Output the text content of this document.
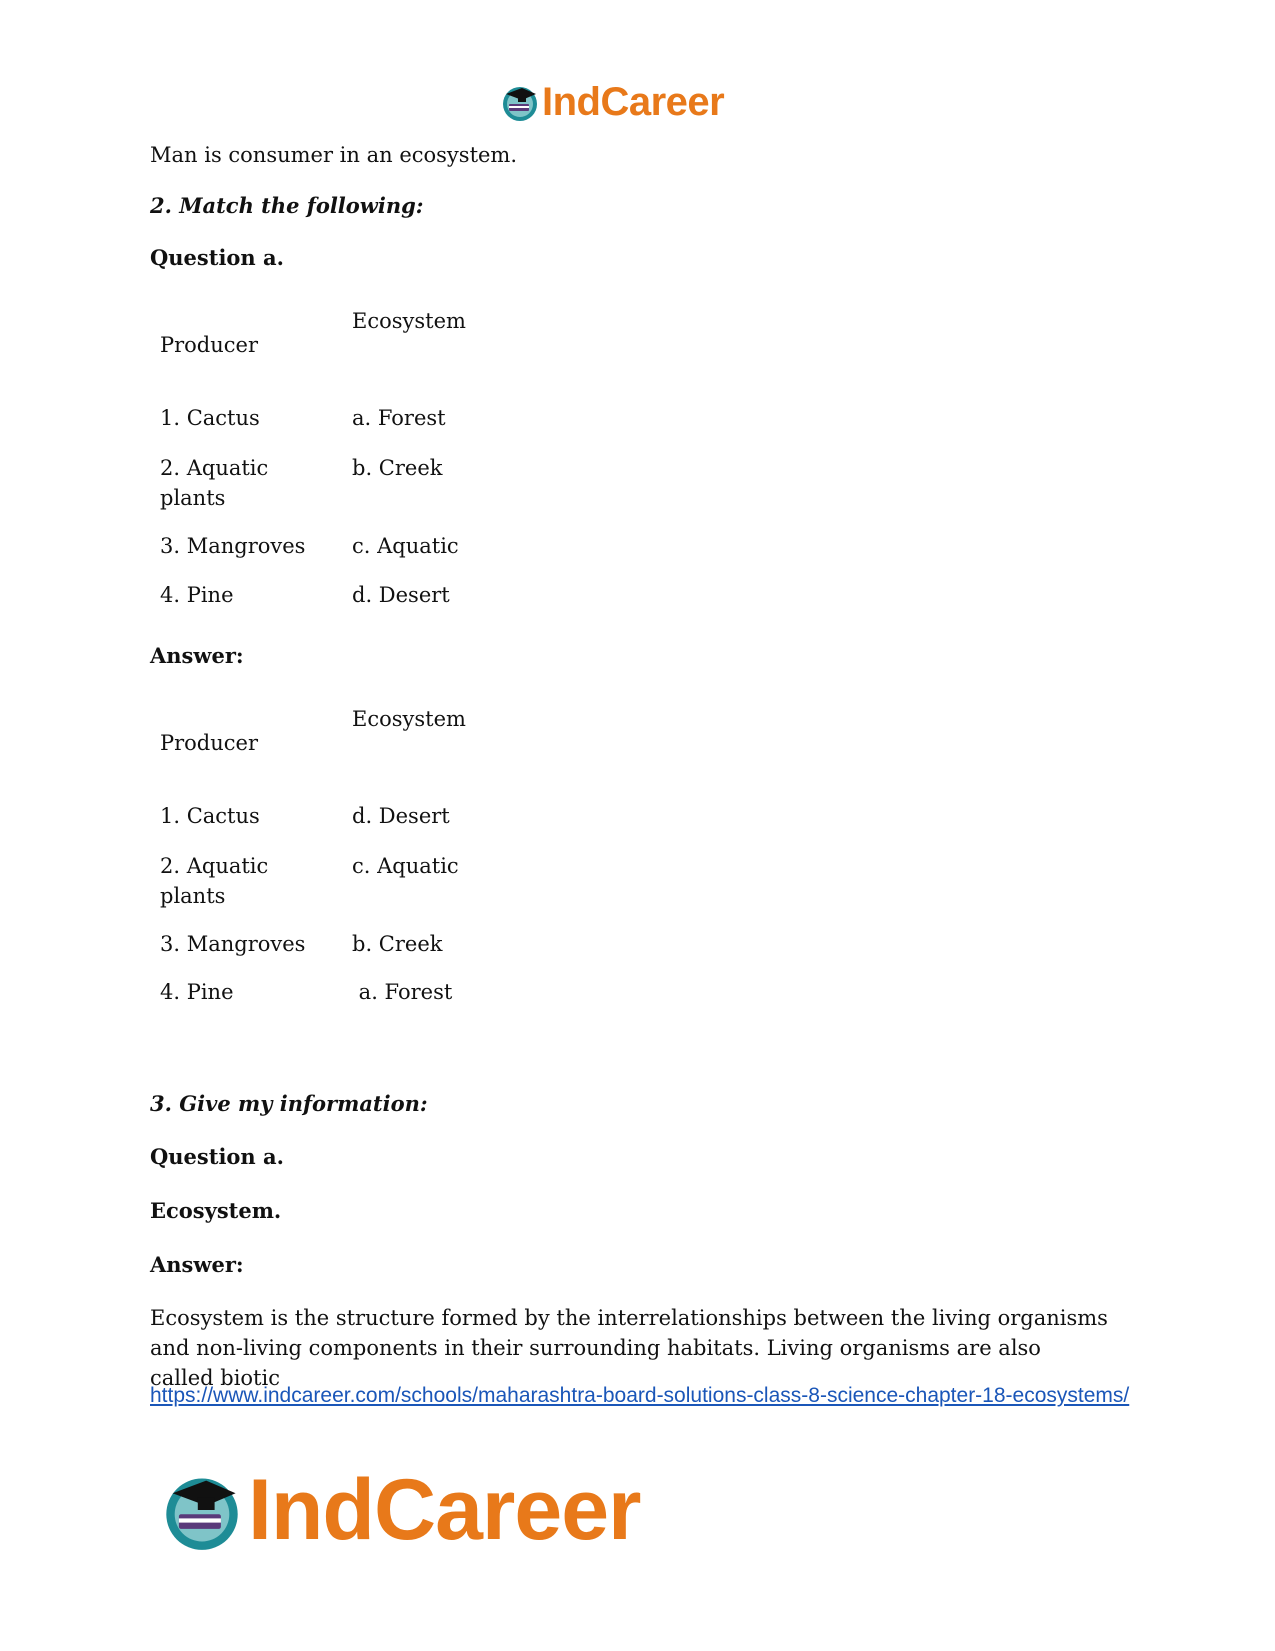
IndCareer
Man is consumer in an ecosystem.
2. Match the following:
Question a.
Producer
Ecosystem
1. Cactus	a. Forest
2. Aquatic
plants
b. Creek
3. Mangroves c. Aquatic
4. Pine	d. Desert
Answer:
Producer
Ecosystem
1. Cactus	d. Desert
2. Aquatic
plants
c. Aquatic
3. Mangroves b. Creek
4. Pine	a. Forest
3. Give my information:
Question a.
Ecosystem.
Answer:
Ecosystem is the structure formed by the interrelationships between the living organisms and non-living components in their surrounding habitats. Living organisms are also called biotic
https://www.indcareer.com/schools/maharashtra-board-solutions-class-8-science-chapter-18-ecosystems/
IndCareer
